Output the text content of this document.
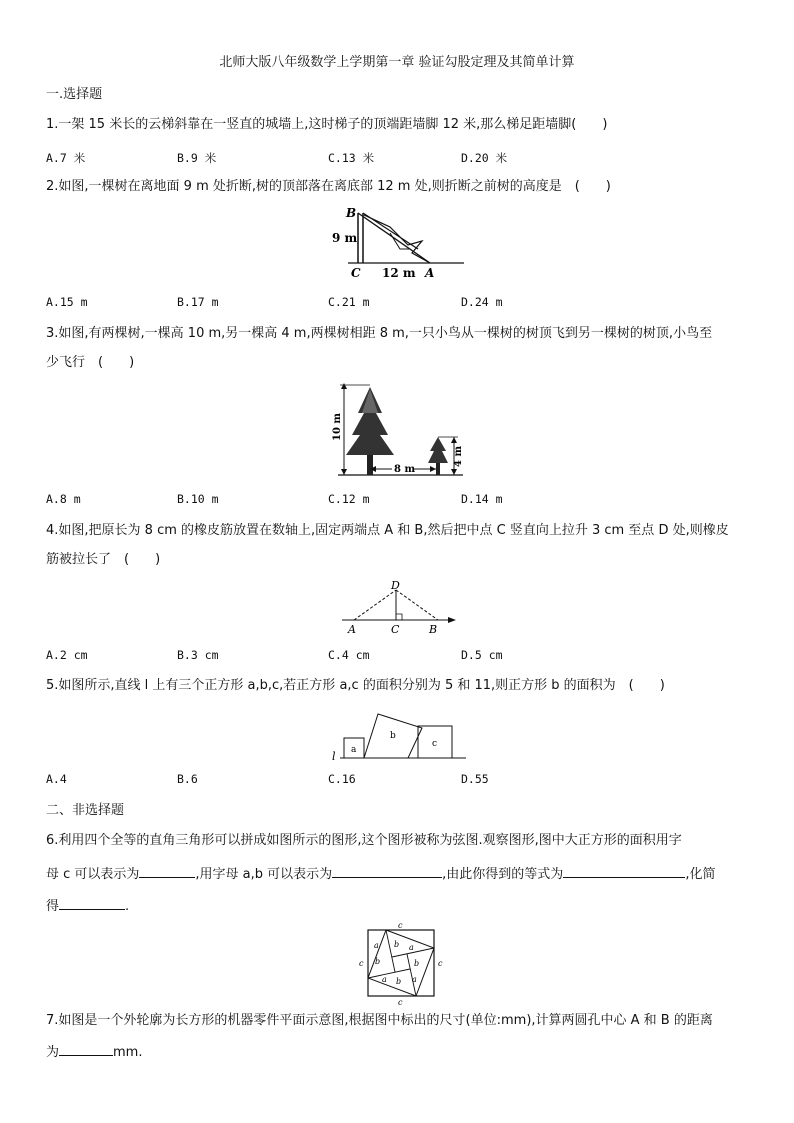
北师大版八年级数学上学期第一章 验证勾股定理及其简单计算
一.选择题
1.一架 15 米长的云梯斜靠在一竖直的城墙上,这时梯子的顶端距墙脚 12 米,那么梯足距墙脚(　　)
A.7 米	B.9 米	C.13 米	D.20 米
2.如图,一棵树在离地面 9 m 处折断,树的顶部落在离底部 12 m 处,则折断之前树的高度是　(　　)
B
9 m
C 12 m A
A.15 m	B.17 m	C.21 m	D.24 m
3.如图,有两棵树,一棵高 10 m,另一棵高 4 m,两棵树相距 8 m,一只小鸟从一棵树的树顶飞到另一棵树的树顶,小鸟至
少飞行　(　　)
8 m
10 m
4 m
A.8 m	B.10 m	C.12 m	D.14 m
4.如图,把原长为 8 cm 的橡皮筋放置在数轴上,固定两端点 A 和 B,然后把中点 C 竖直向上拉升 3 cm 至点 D 处,则橡皮
筋被拉长了　(　　)
D
A	C	B
A.2 cm	B.3 cm	C.4 cm	D.5 cm
5.如图所示,直线 l 上有三个正方形 a,b,c,若正方形 a,c 的面积分别为 5 和 11,则正方形 b 的面积为　(　　)
l a
b
c
A.4	B.6	C.16	D.55
二、非选择题
6.利用四个全等的直角三角形可以拼成如图所示的图形,这个图形被称为弦图.观察图形,图中大正方形的面积用字
母 c 可以表示为	,用字母 a,b 可以表示为	,由此你得到的等式为	,化简
得	.
c
c
c	c
a b a
b	b
a b a
7.如图是一个外轮廓为长方形的机器零件平面示意图,根据图中标出的尺寸(单位:mm),计算两圆孔中心 A 和 B 的距离
为	mm.
